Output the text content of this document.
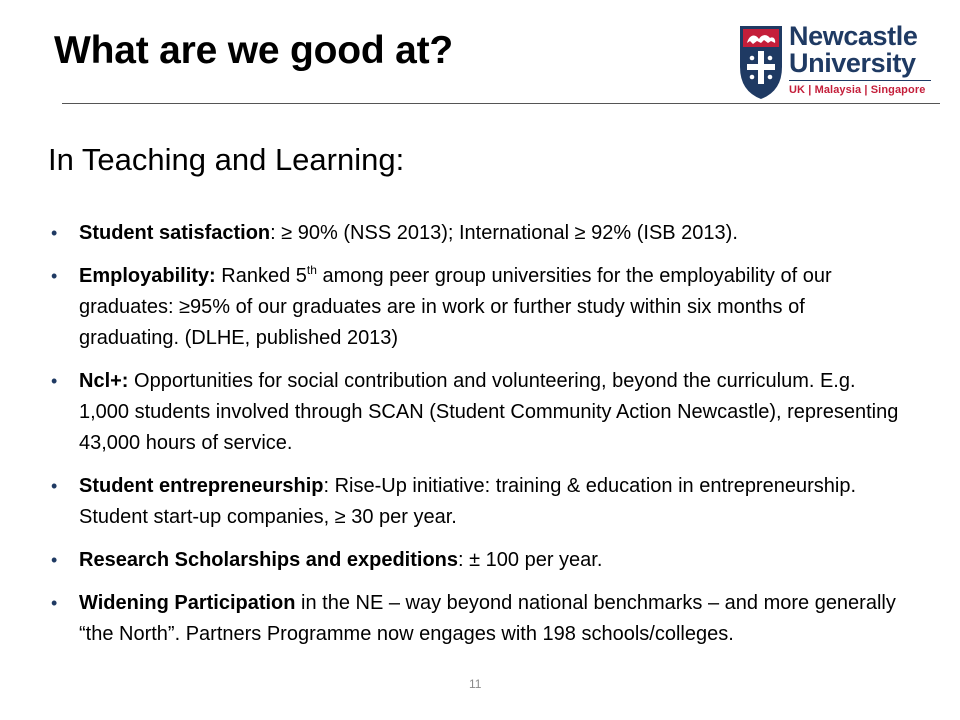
What are we good at?	Newcastle
University
UK | Malaysia | Singapore
In Teaching and Learning:
• Student satisfaction: ≥ 90% (NSS 2013); International ≥ 92% (ISB 2013).
• Employability: Ranked 5th among peer group universities for the employability of our graduates: ≥95% of our graduates are in work or further study within six months of graduating. (DLHE, published 2013)
• Ncl+: Opportunities for social contribution and volunteering, beyond the curriculum. E.g. 1,000 students involved through SCAN (Student Community Action Newcastle), representing 43,000 hours of service.
• Student entrepreneurship: Rise-Up initiative: training & education in entrepreneurship. Student start-up companies, ≥ 30 per year.
• Research Scholarships and expeditions: ± 100 per year.
• Widening Participation in the NE – way beyond national benchmarks – and more generally “the North”. Partners Programme now engages with 198 schools/colleges.
11
